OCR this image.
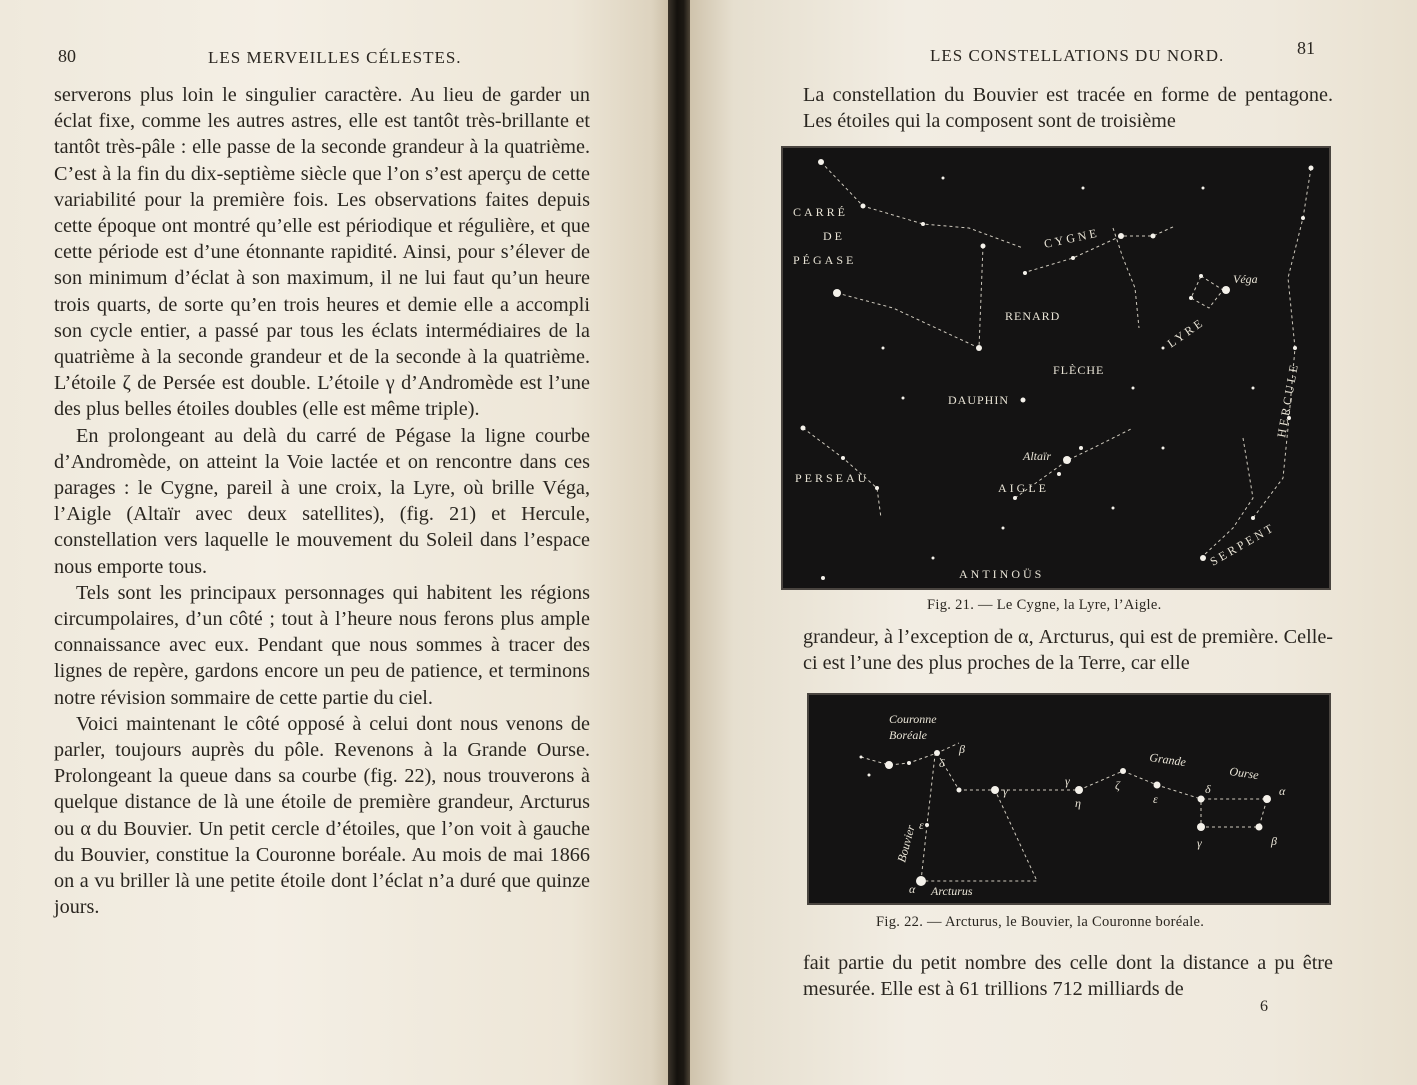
80	LES MERVEILLES CÉLESTES.

serverons plus loin le singulier caractère. Au lieu de garder un éclat fixe, comme les autres astres, elle est tantôt très-brillante et tantôt très-pâle : elle passe de la seconde grandeur à la quatrième. C’est à la fin du dix-septième siècle que l’on s’est aperçu de cette variabilité pour la première fois. Les observations faites depuis cette époque ont montré qu’elle est périodique et régulière, et que cette période est d’une étonnante rapidité. Ainsi, pour s’élever de son minimum d’éclat à son maximum, il ne lui faut qu’un heure trois quarts, de sorte qu’en trois heures et demie elle a accompli son cycle entier, a passé par tous les éclats intermédiaires de la quatrième à la seconde grandeur et de la seconde à la quatrième. L’étoile ζ de Persée est double. L’étoile γ d’Andromède est l’une des plus belles étoiles doubles (elle est même triple).

En prolongeant au delà du carré de Pégase la ligne courbe d’Andromède, on atteint la Voie lactée et on rencontre dans ces parages : le Cygne, pareil à une croix, la Lyre, où brille Véga, l’Aigle (Altaïr avec deux satellites), (fig. 21) et Hercule, constellation vers laquelle le mouvement du Soleil dans l’espace nous emporte tous.

Tels sont les principaux personnages qui habitent les régions circumpolaires, d’un côté ; tout à l’heure nous ferons plus ample connaissance avec eux. Pendant que nous sommes à tracer des lignes de repère, gardons encore un peu de patience, et terminons notre révision sommaire de cette partie du ciel.

Voici maintenant le côté opposé à celui dont nous venons de parler, toujours auprès du pôle. Revenons à la Grande Ourse. Prolongeant la queue dans sa courbe (fig. 22), nous trouverons à quelque distance de là une étoile de première grandeur, Arcturus ou α du Bouvier. Un petit cercle d’étoiles, que l’on voit à gauche du Bouvier, constitue la Couronne boréale. Au mois de mai 1866 on a vu briller là une petite étoile dont l’éclat n’a duré que quinze jours.

LES CONSTELLATIONS DU NORD.	81

La constellation du Bouvier est tracée en forme de pentagone. Les étoiles qui la composent sont de troisième

CARRÉ
DE
PÉGASE
CYGNE
Véga
LYRE
RENARD
FLÈCHE
DAUPHIN	HERCULE
Altaïr
PERSEAU
AIGLE
SERPENT
ANTINOÜS
Fig. 21. — Le Cygne, la Lyre, l’Aigle.

grandeur, à l’exception de α, Arcturus, qui est de première. Celle-ci est l’une des plus proches de la Terre, car elle

Couronne
Boréale
Grande
Ourse
Bouvier
Arcturus
α
α
β
β
γ
γ
γ
δ
δ
ε
ε
ζ
η
Fig. 22. — Arcturus, le Bouvier, la Couronne boréale.

fait partie du petit nombre des celle dont la distance a pu être mesurée. Elle est à 61 trillions 712 milliards de

6
